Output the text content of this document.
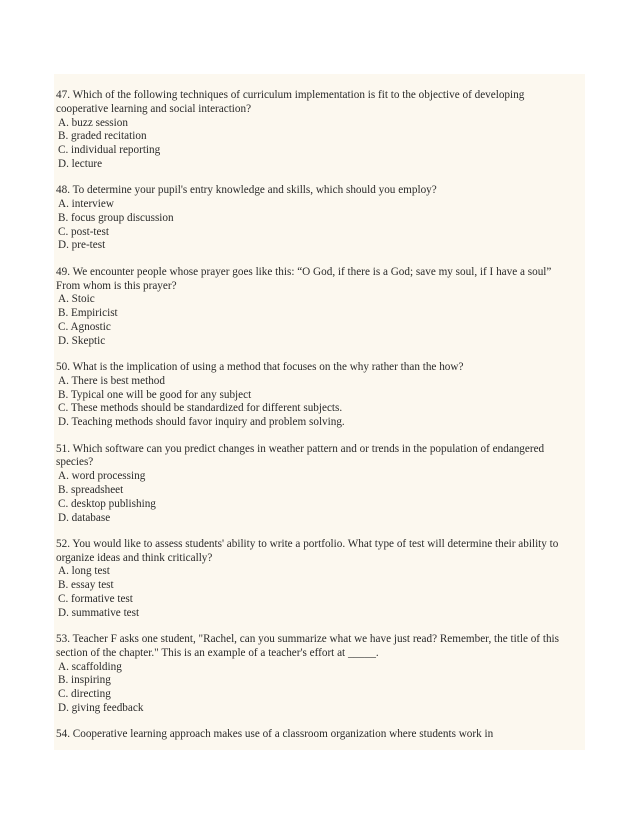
47. Which of the following techniques of curriculum implementation is fit to the objective of developing cooperative learning and social interaction?
A. buzz session
B. graded recitation
C. individual reporting
D. lecture
48. To determine your pupil's entry knowledge and skills, which should you employ?
A. interview
B. focus group discussion
C. post-test
D. pre-test
49. We encounter people whose prayer goes like this: “O God, if there is a God; save my soul, if I have a soul” From whom is this prayer?
A. Stoic
B. Empiricist
C. Agnostic
D. Skeptic
50. What is the implication of using a method that focuses on the why rather than the how?
A. There is best method
B. Typical one will be good for any subject
C. These methods should be standardized for different subjects.
D. Teaching methods should favor inquiry and problem solving.
51. Which software can you predict changes in weather pattern and or trends in the population of endangered species?
A. word processing
B. spreadsheet
C. desktop publishing
D. database
52. You would like to assess students' ability to write a portfolio. What type of test will determine their ability to organize ideas and think critically?
A. long test
B. essay test
C. formative test
D. summative test
53. Teacher F asks one student, "Rachel, can you summarize what we have just read? Remember, the title of this section of the chapter." This is an example of a teacher's effort at _____.
A. scaffolding
B. inspiring
C. directing
D. giving feedback
54. Cooperative learning approach makes use of a classroom organization where students work in
